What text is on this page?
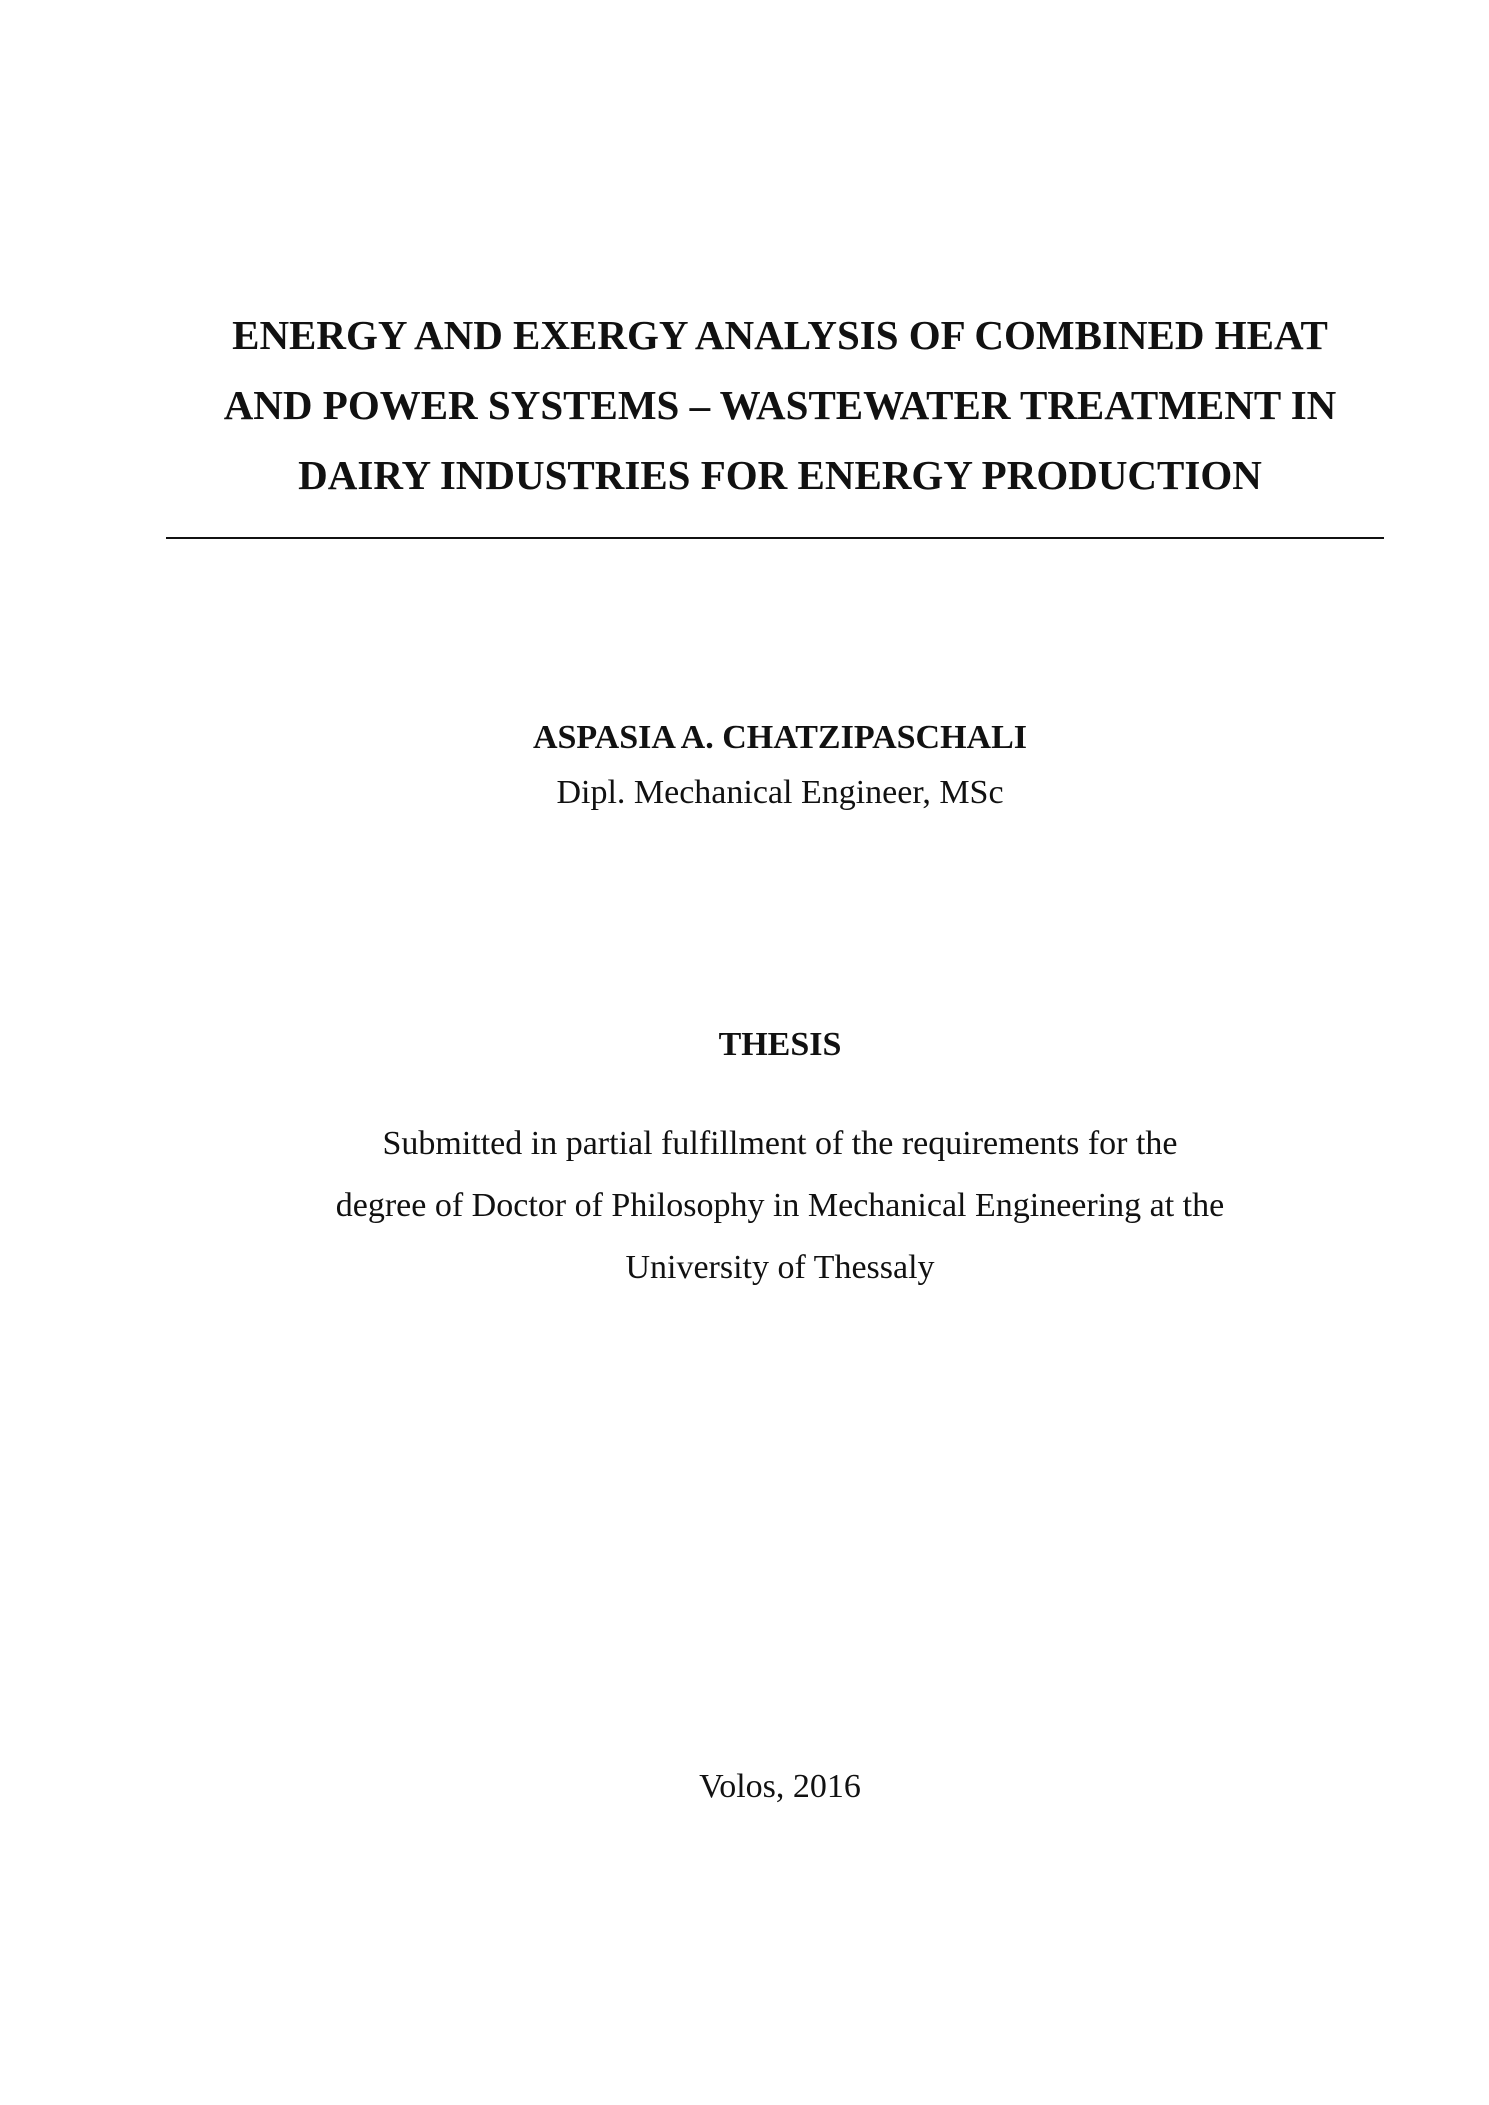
ENERGY AND EXERGY ANALYSIS OF COMBINED HEAT
AND POWER SYSTEMS – WASTEWATER TREATMENT IN
DAIRY INDUSTRIES FOR ENERGY PRODUCTION
ASPASIA A. CHATZIPASCHALI
Dipl. Mechanical Engineer, MSc
THESIS
Submitted in partial fulfillment of the requirements for the
degree of Doctor of Philosophy in Mechanical Engineering at the
University of Thessaly
Volos, 2016
